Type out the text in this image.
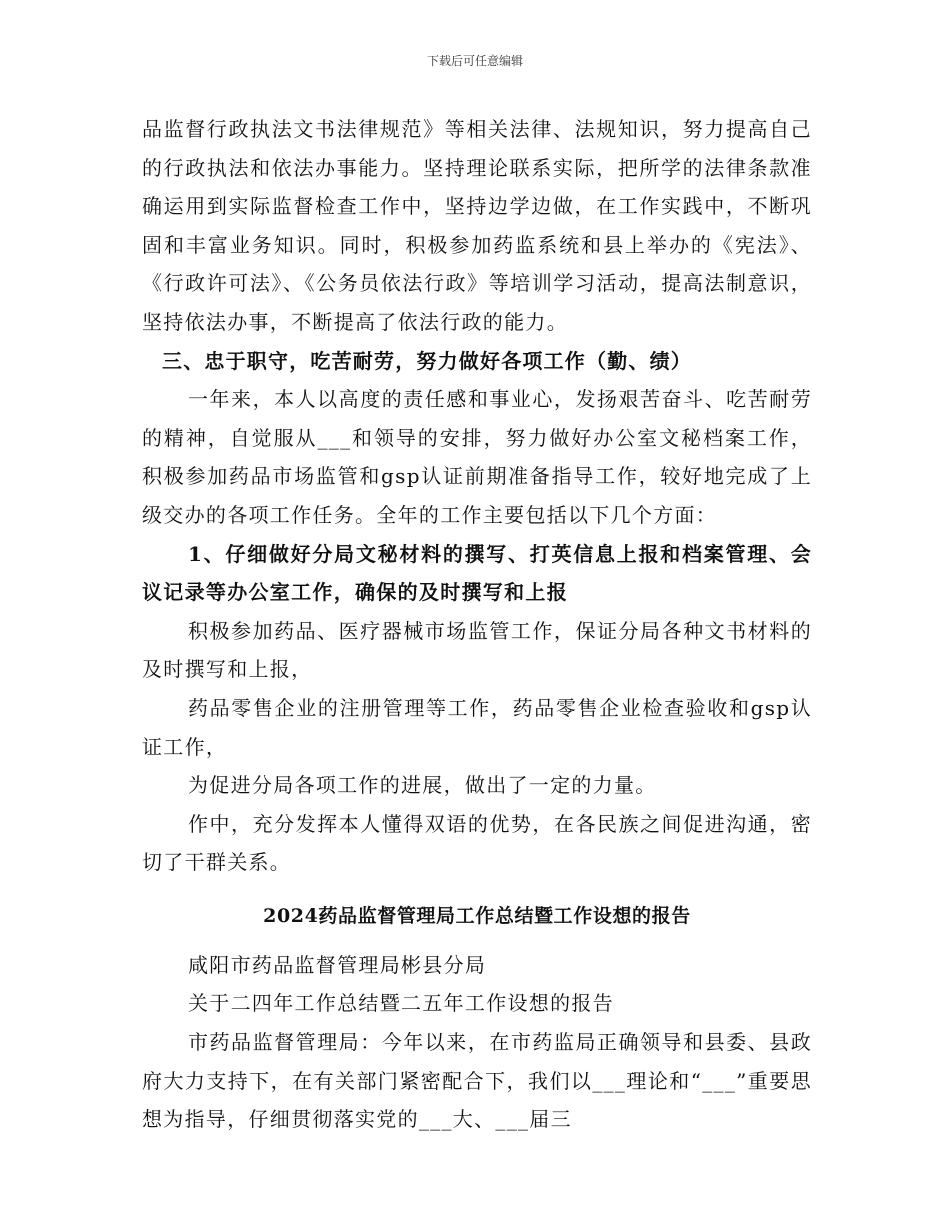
下载后可任意编辑

品监督行政执法文书法律规范》等相关法律、法规知识，努力提高自己的行政执法和依法办事能力。坚持理论联系实际，把所学的法律条款准确运用到实际监督检查工作中，坚持边学边做，在工作实践中，不断巩固和丰富业务知识。同时，积极参加药监系统和县上举办的《宪法》、《行政许可法》、《公务员依法行政》等培训学习活动，提高法制意识，坚持依法办事，不断提高了依法行政的能力。

三、忠于职守，吃苦耐劳，努力做好各项工作（勤、绩）

一年来，本人以高度的责任感和事业心，发扬艰苦奋斗、吃苦耐劳的精神，自觉服从___和领导的安排，努力做好办公室文秘档案工作，积极参加药品市场监管和gsp认证前期准备指导工作，较好地完成了上级交办的各项工作任务。全年的工作主要包括以下几个方面：

1、仔细做好分局文秘材料的撰写、打英信息上报和档案管理、会议记录等办公室工作，确保的及时撰写和上报

积极参加药品、医疗器械市场监管工作，保证分局各种文书材料的及时撰写和上报，

药品零售企业的注册管理等工作，药品零售企业检查验收和gsp认证工作，

为促进分局各项工作的进展，做出了一定的力量。

作中，充分发挥本人懂得双语的优势，在各民族之间促进沟通，密切了干群关系。

2024药品监督管理局工作总结暨工作设想的报告

咸阳市药品监督管理局彬县分局

关于二四年工作总结暨二五年工作设想的报告

市药品监督管理局：今年以来，在市药监局正确领导和县委、县政府大力支持下，在有关部门紧密配合下，我们以___理论和“___”重要思想为指导，仔细贯彻落实党的___大、___届三
